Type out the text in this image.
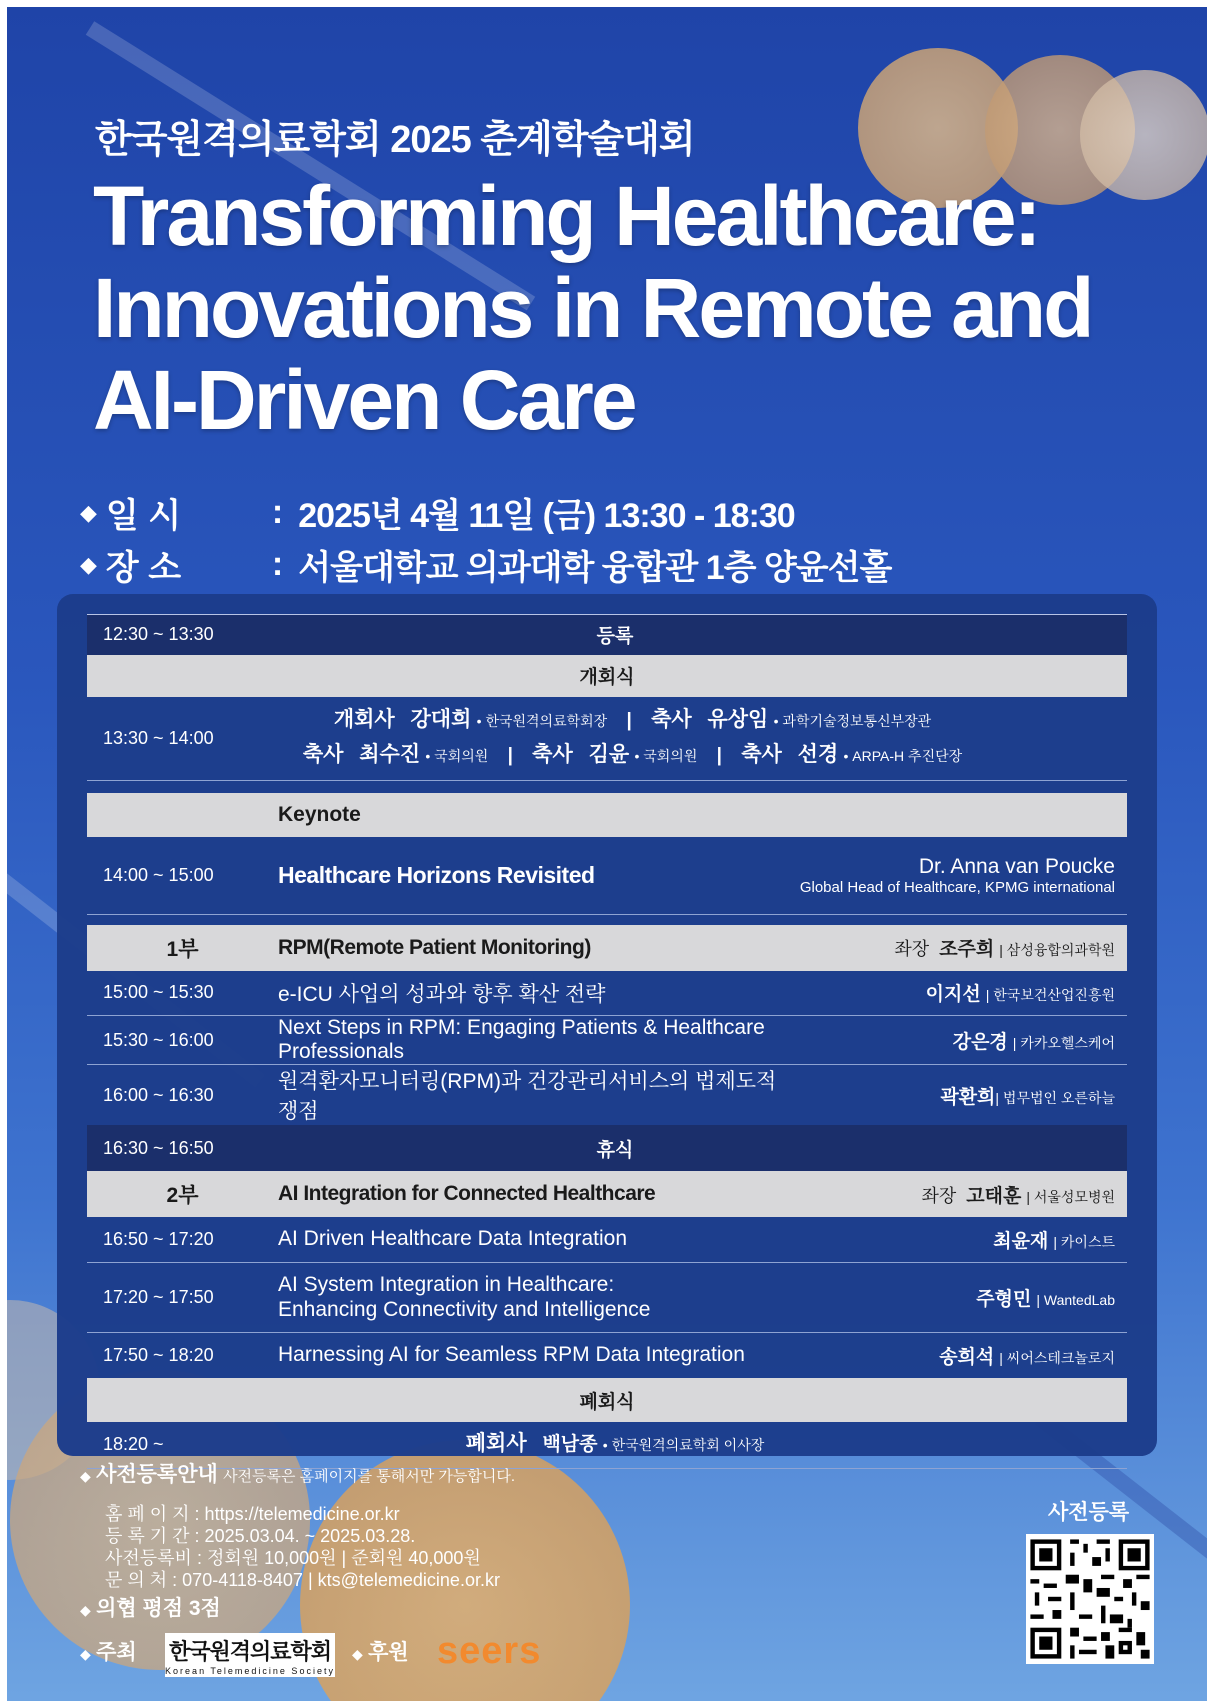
한국원격의료학회 2025 춘계학술대회
Transforming Healthcare:
Innovations in Remote and
AI-Driven Care
◆ 일 시	: 2025년 4월 11일 (금) 13:30 - 18:30
◆ 장 소	: 서울대학교 의과대학 융합관 1층 양윤선홀
12:30 ~ 13:30	등록	
개회식		
13:30 ~ 14:00	개회사 강대희 • 한국원격의료학회장 | 축사 유상임 • 과학기술정보통신부장관
축사 최수진 • 국회의원 | 축사 김윤 • 국회의원 | 축사 선경 • ARPA-H 추진단장	

	Keynote	
14:00 ~ 15:00	Healthcare Horizons Revisited	Dr. Anna van Poucke
Global Head of Healthcare, KPMG international

1부	RPM(Remote Patient Monitoring)	좌장 조주희 | 삼성융합의과학원
15:00 ~ 15:30	e-ICU 사업의 성과와 향후 확산 전략	이지선 | 한국보건산업진흥원
15:30 ~ 16:00	Next Steps in RPM: Engaging Patients & Healthcare Professionals	강은경 | 카카오헬스케어
16:00 ~ 16:30	원격환자모니터링(RPM)과 건강관리서비스의 법제도적 쟁점	곽환희| 법무법인 오른하늘
16:30 ~ 16:50	휴식	
2부	AI Integration for Connected Healthcare	좌장 고태훈 | 서울성모병원
16:50 ~ 17:20	AI Driven Healthcare Data Integration	최윤재 | 카이스트
17:20 ~ 17:50	AI System Integration in Healthcare:
Enhancing Connectivity and Intelligence	주형민 | WantedLab
17:50 ~ 18:20	Harnessing AI for Seamless RPM Data Integration	송희석 | 씨어스테크놀로지
폐회식		
18:20 ~	폐회사 백남종 • 한국원격의료학회 이사장	
◆ 사전등록안내 사전등록은 홈페이지를 통해서만 가능합니다.
홈 페 이 지 : https://telemedicine.or.kr
등 록 기 간 : 2025.03.04. ~ 2025.03.28.
사전등록비 : 정회원 10,000원 | 준회원 40,000원
문 의 처 : 070-4118-8407 | kts@telemedicine.or.kr
◆ 의협 평점 3점
◆ 주최 한국원격의료학회
Korean Telemedicine Society
◆ 후원 seers
사전등록
